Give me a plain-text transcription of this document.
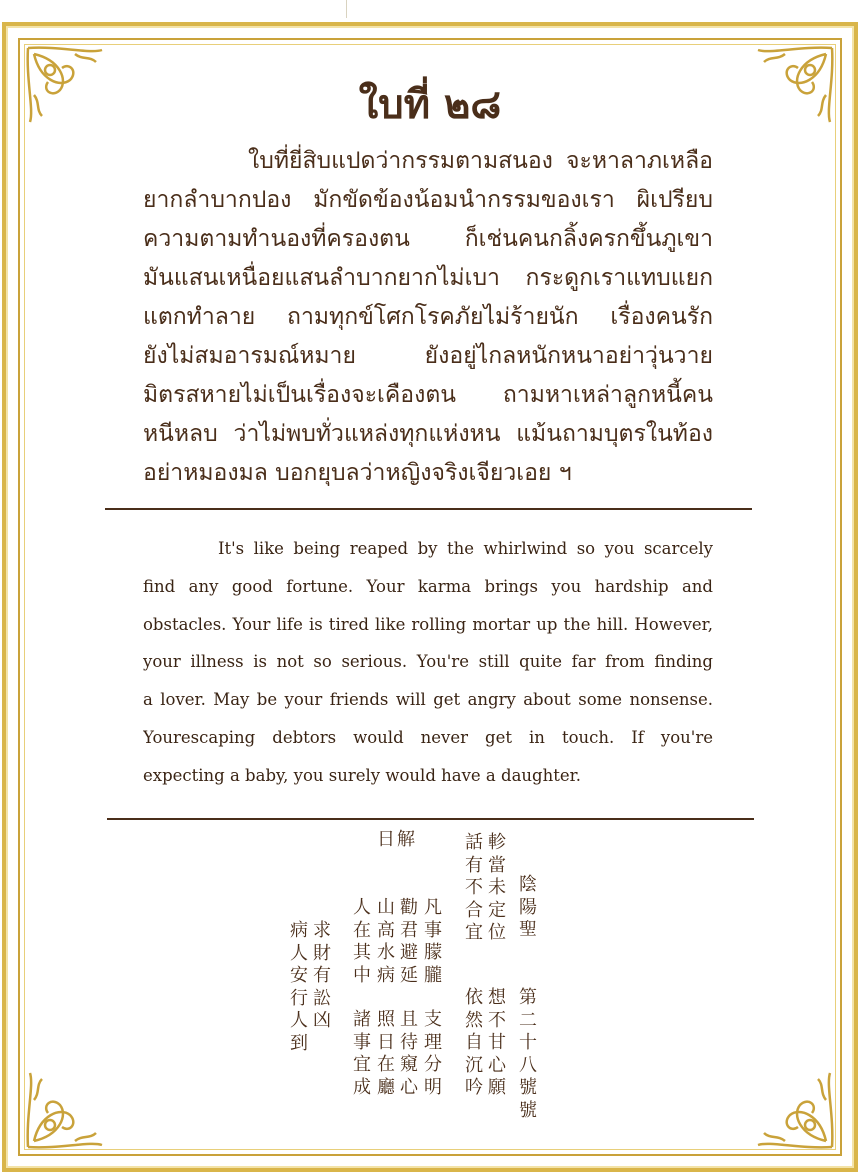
ใบที่ ๒๘
ใบที่ยี่สิบแปดว่ากรรมตามสนอง จะหาลาภเหลือ
ยากลำบากปอง มักขัดข้องน้อมนำกรรมของเรา ผิเปรียบ
ความตามทำนองที่ครองตน ก็เช่นคนกลิ้งครกขึ้นภูเขา
มันแสนเหนื่อยแสนลำบากยากไม่เบา กระดูกเราแทบแยก
แตกทำลาย ถามทุกข์โศกโรคภัยไม่ร้ายนัก เรื่องคนรัก
ยังไม่สมอารมณ์หมาย ยังอยู่ไกลหนักหนาอย่าวุ่นวาย
มิตรสหายไม่เป็นเรื่องจะเคืองตน ถามหาเหล่าลูกหนี้คน
หนีหลบ ว่าไม่พบทั่วแหล่งทุกแห่งหน แม้นถามบุตรในท้อง
อย่าหมองมล บอกยุบลว่าหญิงจริงเจียวเอย ฯ
It's like being reaped by the whirlwind so you scarcely
find any good fortune. Your karma brings you hardship and
obstacles. Your life is tired like rolling mortar up the hill. However,
your illness is not so serious. You're still quite far from finding
a lover. May be your friends will get angry about some nonsense.
Yourescaping debtors would never get in touch. If you're
expecting a baby, you surely would have a daughter.
第
二
十
八
號
號
陰
陽
聖
想
不
甘
心
願
依
然
自
沉
吟
軫
當
未
定
位
話
有
不
合
宜
支
理
分
明
且
待
窺
心
照
日
在
廳
諸
事
宜
成
日解
凡
事
朦
朧
勸
君
避
延
山
高
水
病
人
在
其
中
求
財
有
訟
凶
病
人
安
行
人
到
